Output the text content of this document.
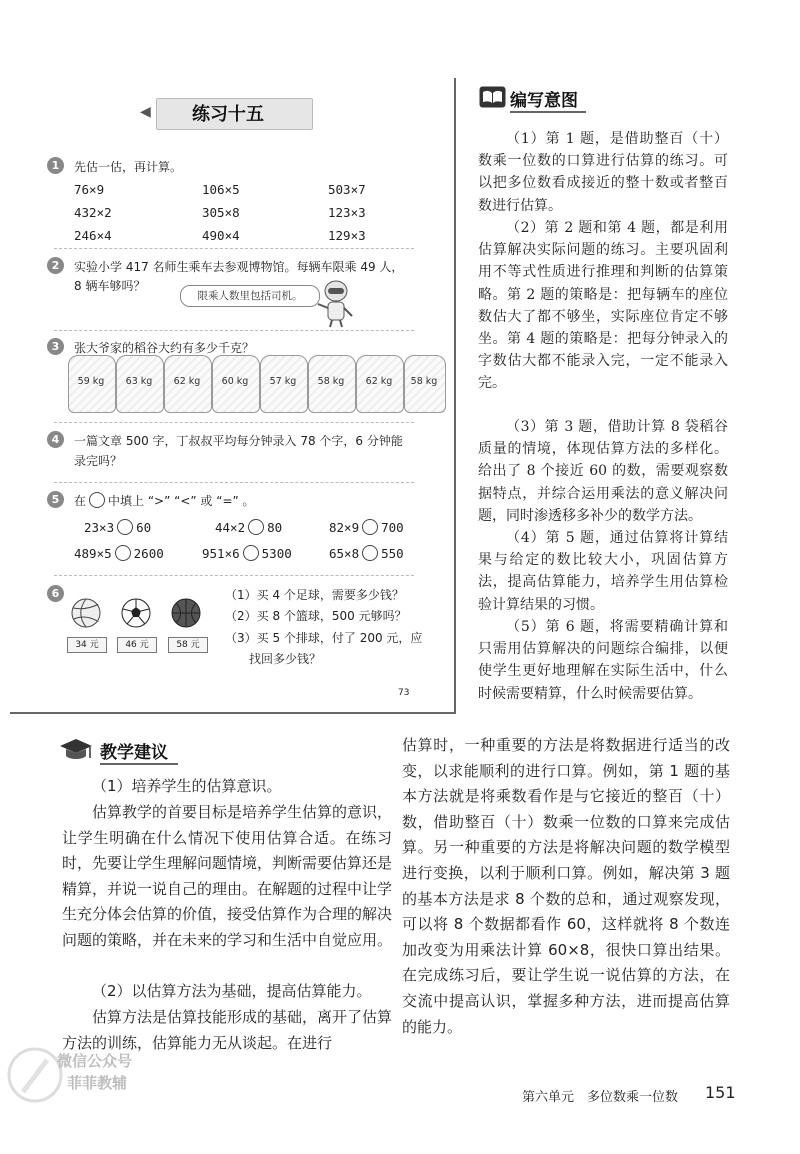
◀ 练习十五
1	先估一估，再计算。
76×9	106×5	503×7
432×2	305×8	123×3
246×4	490×4	129×3
2	实验小学 417 名师生乘车去参观博物馆。每辆车限乘 49 人，
8 辆车够吗？
限乘人数里包括司机。
3	张大爷家的稻谷大约有多少千克？
59 kg	63 kg	62 kg	60 kg	57 kg	58 kg	62 kg	58 kg
4	一篇文章 500 字，丁叔叔平均每分钟录入 78 个字，6 分钟能
录完吗？
5	在 中填上 “>” “<” 或 “=” 。
23×3 60	44×2 80	82×9 700
489×5 2600	951×6 5300	65×8 550
6
34 元	46 元	58 元
（1）买 4 个足球，需要多少钱？
（2）买 8 个篮球，500 元够吗？
（3）买 5 个排球，付了 200 元，应
找回多少钱？
73
编写意图
（1）第 1 题，是借助整百（十）数乘一位数的口算进行估算的练习。可以把多位数看成接近的整十数或者整百数进行估算。
（2）第 2 题和第 4 题，都是利用估算解决实际问题的练习。主要巩固利用不等式性质进行推理和判断的估算策略。第 2 题的策略是：把每辆车的座位数估大了都不够坐，实际座位肯定不够坐。第 4 题的策略是：把每分钟录入的字数估大都不能录入完，一定不能录入完。
（3）第 3 题，借助计算 8 袋稻谷质量的情境，体现估算方法的多样化。给出了 8 个接近 60 的数，需要观察数据特点，并综合运用乘法的意义解决问题，同时渗透移多补少的数学方法。
（4）第 5 题，通过估算将计算结果与给定的数比较大小，巩固估算方法，提高估算能力，培养学生用估算检验计算结果的习惯。
（5）第 6 题，将需要精确计算和只需用估算解决的问题综合编排，以便使学生更好地理解在实际生活中，什么时候需要精算，什么时候需要估算。
教学建议
（1）培养学生的估算意识。
估算教学的首要目标是培养学生估算的意识，让学生明确在什么情况下使用估算合适。在练习时，先要让学生理解问题情境，判断需要估算还是精算，并说一说自己的理由。在解题的过程中让学生充分体会估算的价值，接受估算作为合理的解决问题的策略，并在未来的学习和生活中自觉应用。
（2）以估算方法为基础，提高估算能力。
估算方法是估算技能形成的基础，离开了估算方法的训练，估算能力无从谈起。在进行
估算时，一种重要的方法是将数据进行适当的改变，以求能顺利的进行口算。例如，第 1 题的基本方法就是将乘数看作是与它接近的整百（十）数，借助整百（十）数乘一位数的口算来完成估算。另一种重要的方法是将解决问题的数学模型进行变换，以利于顺利口算。例如，解决第 3 题的基本方法是求 8 个数的总和，通过观察发现，可以将 8 个数据都看作 60，这样就将 8 个数连加改变为用乘法计算 60×8，很快口算出结果。在完成练习后，要让学生说一说估算的方法，在交流中提高认识，掌握多种方法，进而提高估算的能力。
微信公众号
菲菲教辅
第六单元　多位数乘一位数 151
